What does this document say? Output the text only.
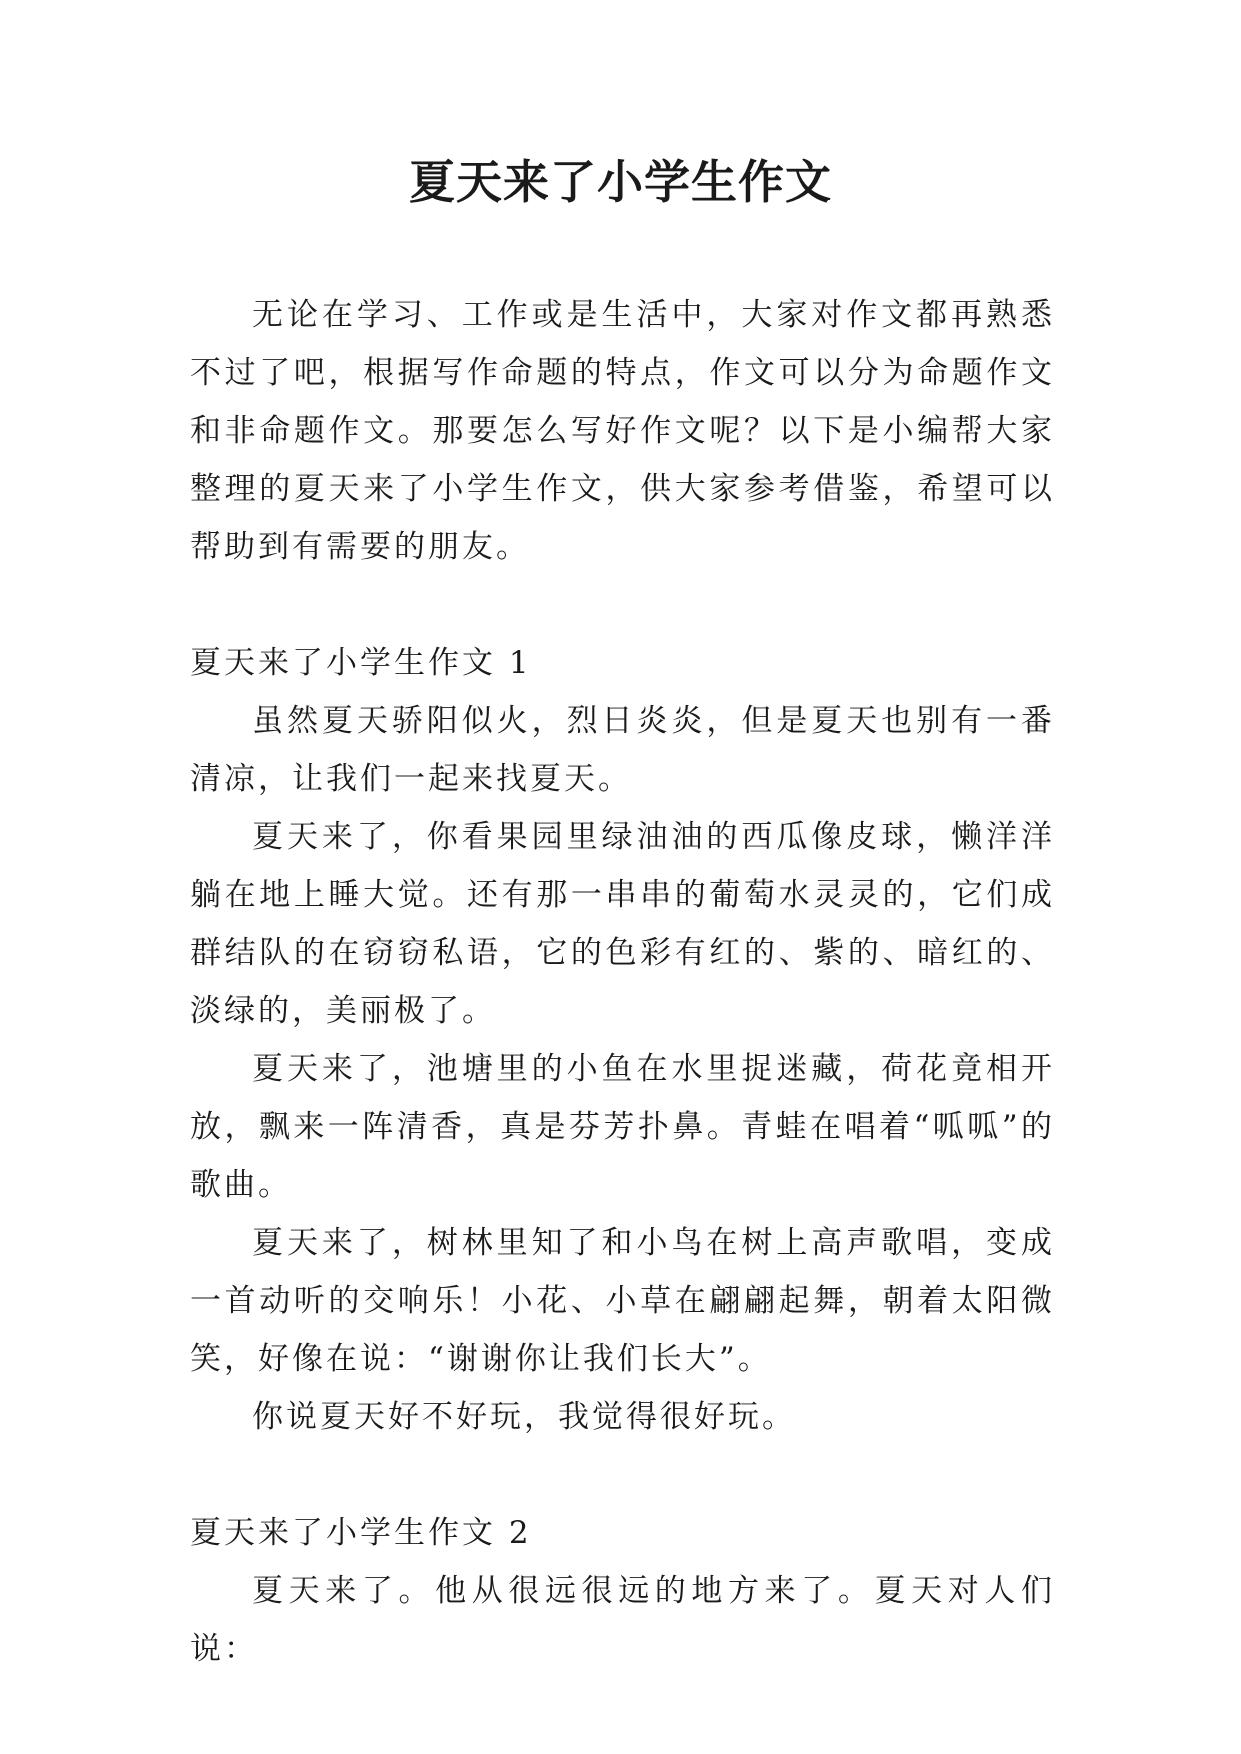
夏天来了小学生作文

无论在学习、工作或是生活中，大家对作文都再熟悉不过了吧，根据写作命题的特点，作文可以分为命题作文和非命题作文。那要怎么写好作文呢？以下是小编帮大家整理的夏天来了小学生作文，供大家参考借鉴，希望可以帮助到有需要的朋友。

夏天来了小学生作文 1

虽然夏天骄阳似火，烈日炎炎，但是夏天也别有一番清凉，让我们一起来找夏天。

夏天来了，你看果园里绿油油的西瓜像皮球，懒洋洋躺在地上睡大觉。还有那一串串的葡萄水灵灵的，它们成群结队的在窃窃私语，它的色彩有红的、紫的、暗红的、淡绿的，美丽极了。

夏天来了，池塘里的小鱼在水里捉迷藏，荷花竟相开放，飘来一阵清香，真是芬芳扑鼻。青蛙在唱着“呱呱”的歌曲。

夏天来了，树林里知了和小鸟在树上高声歌唱，变成一首动听的交响乐！小花、小草在翩翩起舞，朝着太阳微笑，好像在说：“谢谢你让我们长大”。

你说夏天好不好玩，我觉得很好玩。

夏天来了小学生作文 2

夏天来了。他从很远很远的地方来了。夏天对人们说：
